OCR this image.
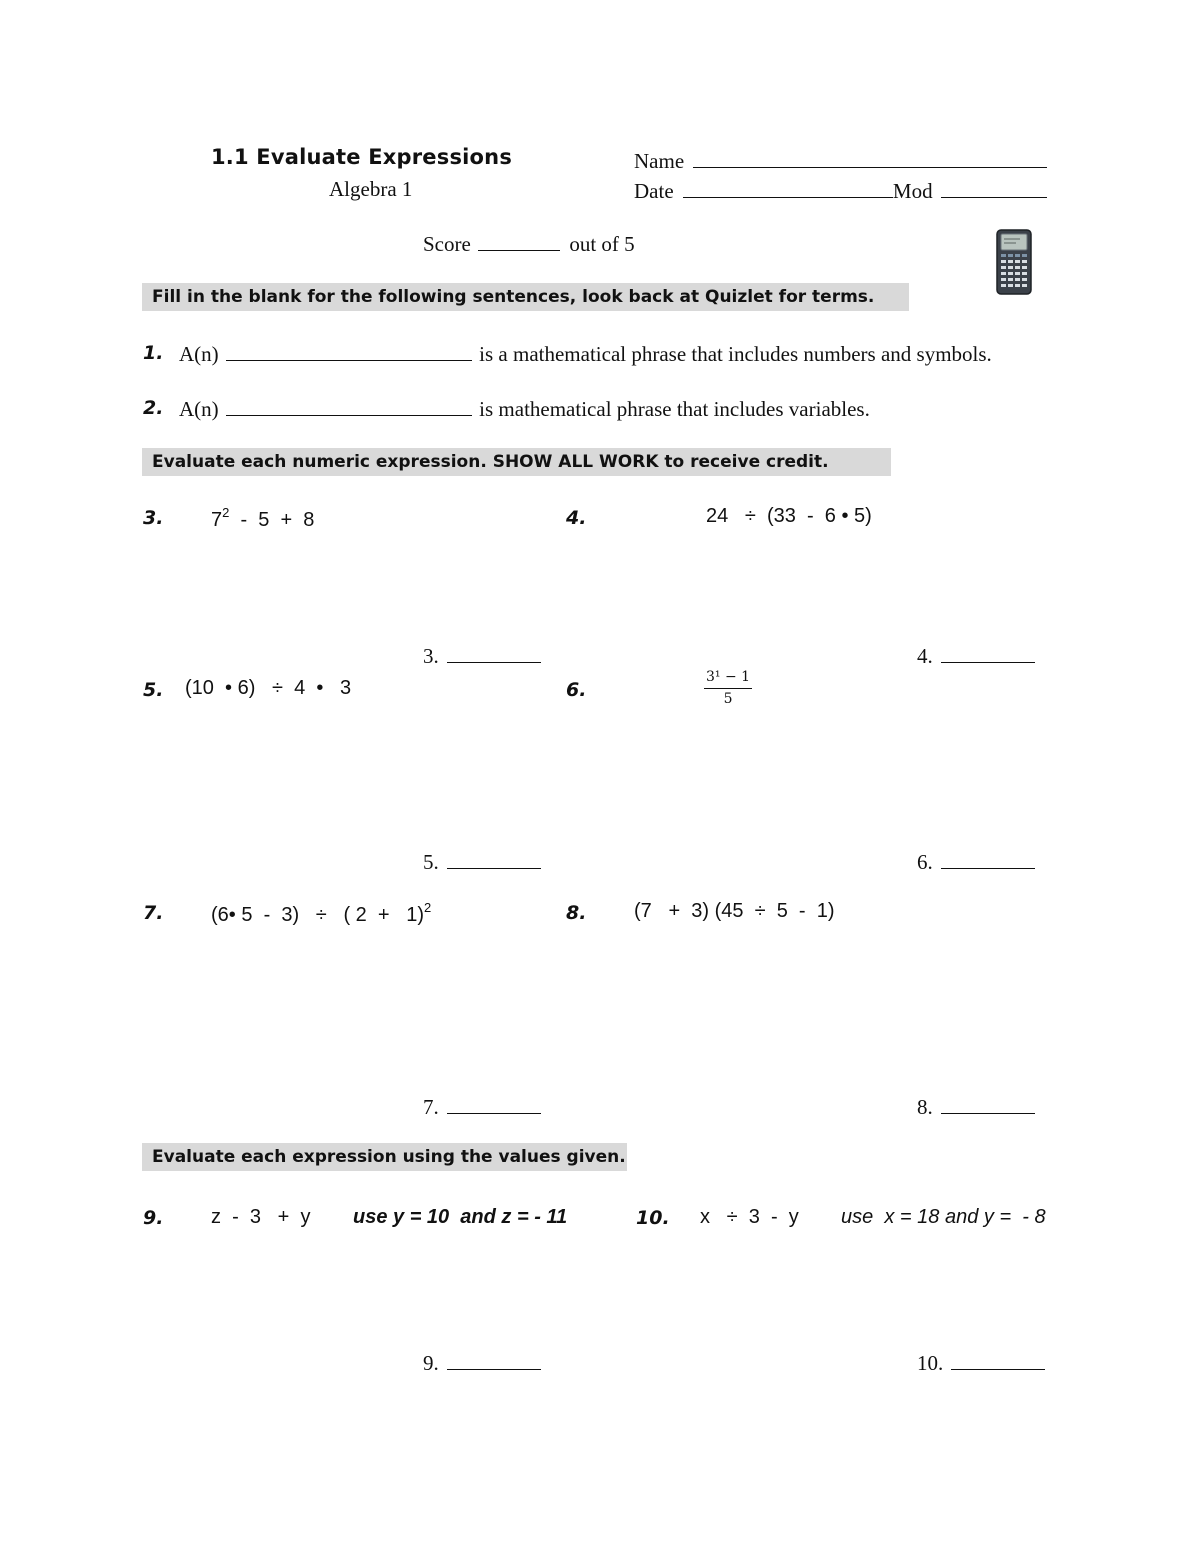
1.1 Evaluate Expressions
Algebra 1
Name
Date	Mod
Score	out of 5
Fill in the blank for the following sentences, look back at Quizlet for terms.
1. A(n)	is a mathematical phrase that includes numbers and symbols.
2. A(n)	is mathematical phrase that includes variables.
Evaluate each numeric expression. SHOW ALL WORK to receive credit.
3. $7^2 - 5 + 8$	4.	24   ÷  (33  -  6 • 5)
3.	4.
5. (10  • 6)   ÷  4  •   3	6.	$\frac{\text{3¹ − 1}}{5}$
5.	6.
7. (6• 5  -  3)   ÷   ( 2  +   1)$^2$	8. (7   +  3) (45  ÷  5  -  1)
7.	8.
Evaluate each expression using the values given.
9. z  -  3   +  y use y = 10  and z = - 11	10. x   ÷  3  -  y use  x = 18 and y =  - 8
9.	10.
